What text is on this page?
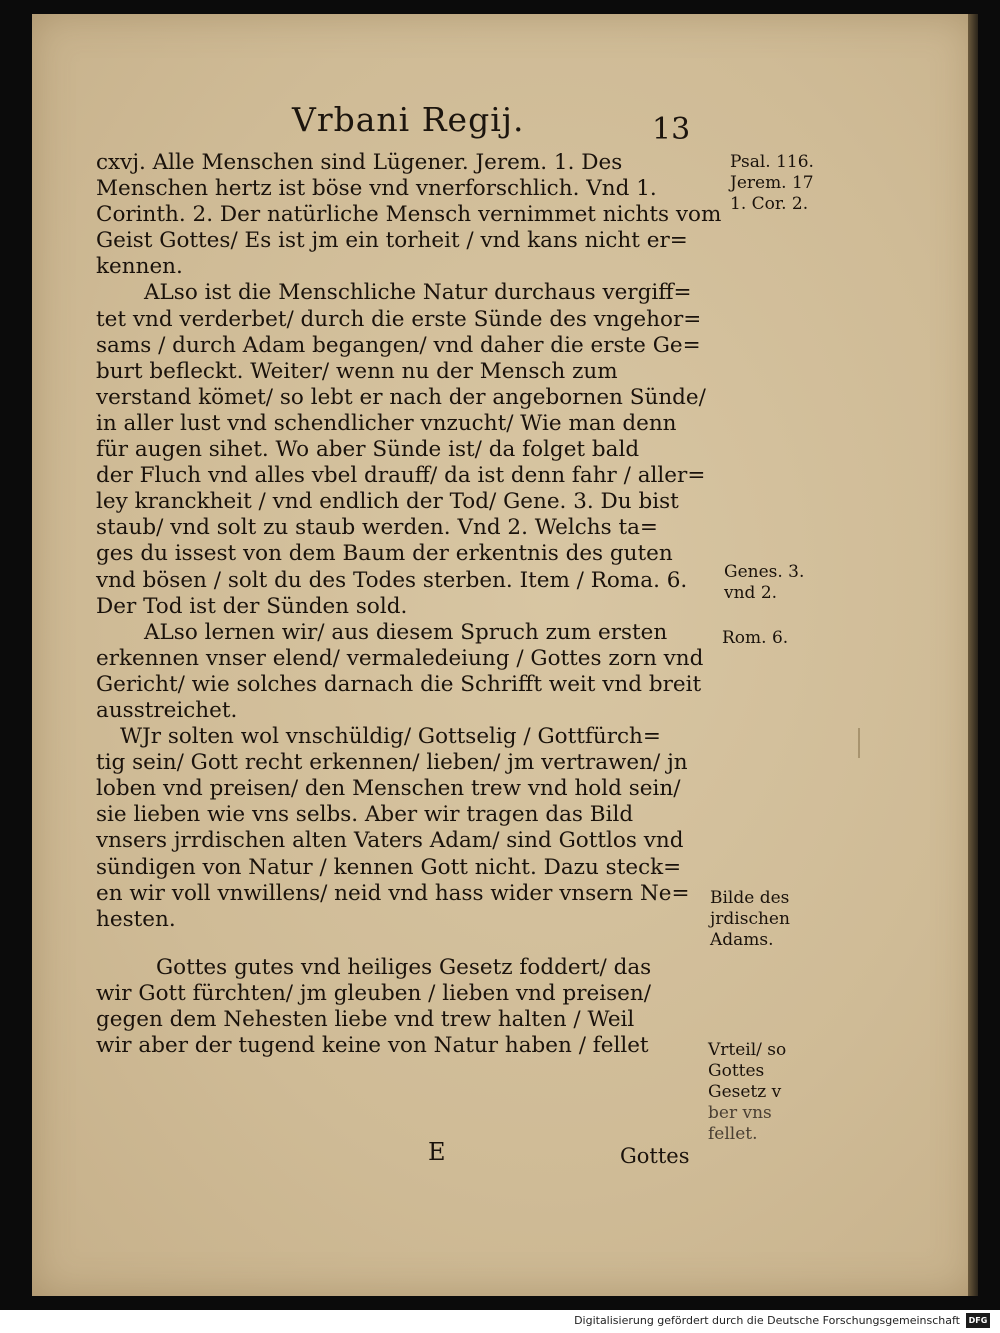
Vrbani Regij.	13
cxvj. Alle Menschen sind Lügener. Jerem. 1. Des
Menschen hertz ist böse vnd vnerforschlich. Vnd 1.
Corinth. 2. Der natürliche Mensch vernimmet nichts vom
Geist Gottes/ Es ist jm ein torheit / vnd kans nicht er=
kennen.
ALso ist die Menschliche Natur durchaus vergiff=
tet vnd verderbet/ durch die erste Sünde des vngehor=
sams / durch Adam begangen/ vnd daher die erste Ge=
burt befleckt. Weiter/ wenn nu der Mensch zum
verstand kömet/ so lebt er nach der angebornen Sünde/
in aller lust vnd schendlicher vnzucht/ Wie man denn
für augen sihet. Wo aber Sünde ist/ da folget bald
der Fluch vnd alles vbel drauff/ da ist denn fahr / aller=
ley kranckheit / vnd endlich der Tod/ Gene. 3. Du bist
staub/ vnd solt zu staub werden. Vnd 2. Welchs ta=
ges du issest von dem Baum der erkentnis des guten
vnd bösen / solt du des Todes sterben. Item / Roma. 6.
Der Tod ist der Sünden sold.
ALso lernen wir/ aus diesem Spruch zum ersten
erkennen vnser elend/ vermaledeiung / Gottes zorn vnd
Gericht/ wie solches darnach die Schrifft weit vnd breit
ausstreichet.
WJr solten wol vnschüldig/ Gottselig / Gottfürch=
tig sein/ Gott recht erkennen/ lieben/ jm vertrawen/ jn
loben vnd preisen/ den Menschen trew vnd hold sein/
sie lieben wie vns selbs. Aber wir tragen das Bild
vnsers jrrdischen alten Vaters Adam/ sind Gottlos vnd
sündigen von Natur / kennen Gott nicht. Dazu steck=
en wir voll vnwillens/ neid vnd hass wider vnsern Ne=
hesten.
Gottes gutes vnd heiliges Gesetz foddert/ das
wir Gott fürchten/ jm gleuben / lieben vnd preisen/
gegen dem Nehesten liebe vnd trew halten / Weil
wir aber der tugend keine von Natur haben / fellet
E	Gottes
Psal. 116.
Jerem. 17
1. Cor. 2.
Genes. 3.
vnd 2.
Rom. 6.
Bilde des
jrdischen
Adams.
Vrteil/ so
Gottes
Gesetz v
ber vns
fellet.
Digitalisierung gefördert durch die Deutsche Forschungsgemeinschaft	DFG
